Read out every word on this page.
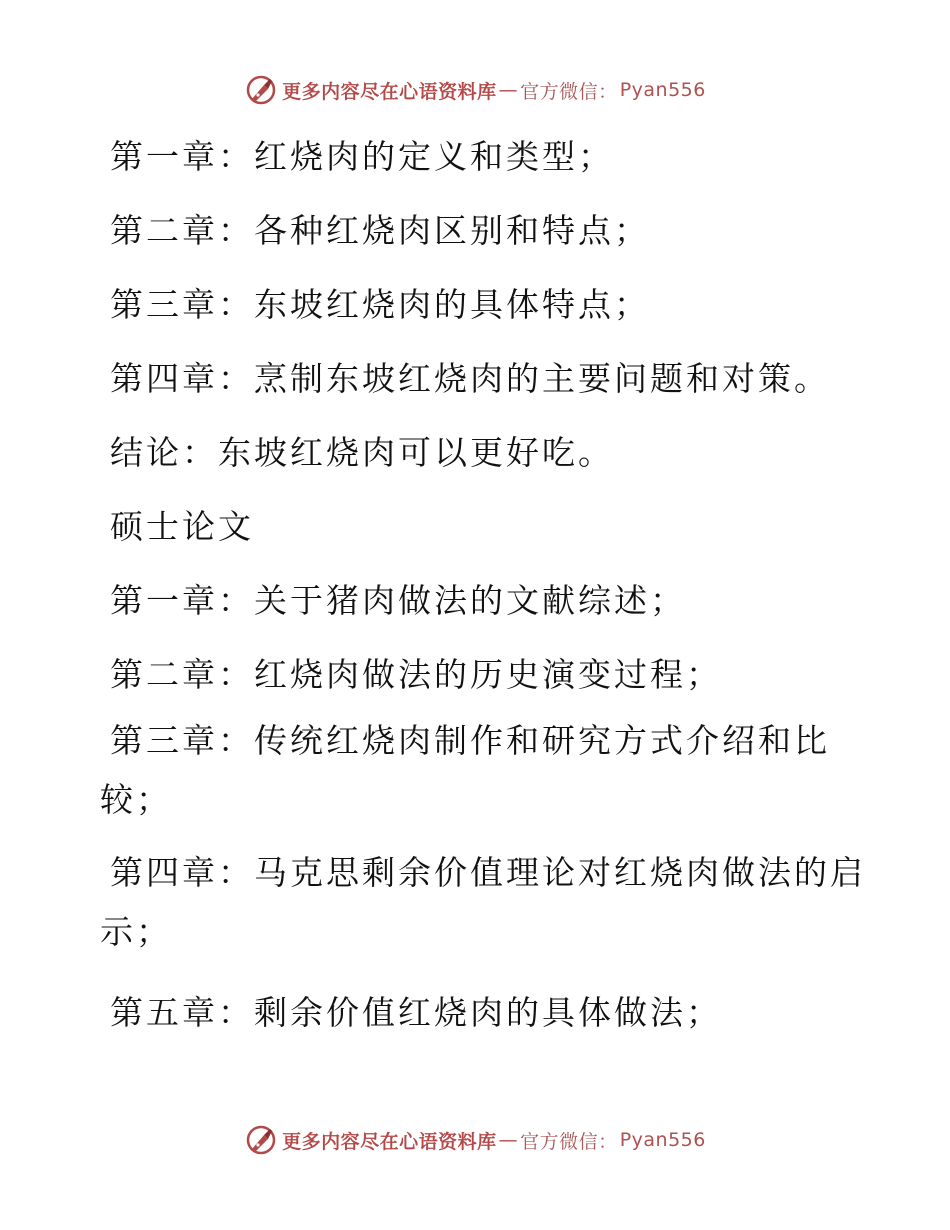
更多内容尽在心语资料库 — 官方微信： Pyan556
第一章：红烧肉的定义和类型；
第二章：各种红烧肉区别和特点；
第三章：东坡红烧肉的具体特点；
第四章：烹制东坡红烧肉的主要问题和对策。
结论：东坡红烧肉可以更好吃。
硕士论文
第一章：关于猪肉做法的文献综述；
第二章：红烧肉做法的历史演变过程；
第三章：传统红烧肉制作和研究方式介绍和比
较；
第四章：马克思剩余价值理论对红烧肉做法的启
示；
第五章：剩余价值红烧肉的具体做法；
更多内容尽在心语资料库 — 官方微信： Pyan556
